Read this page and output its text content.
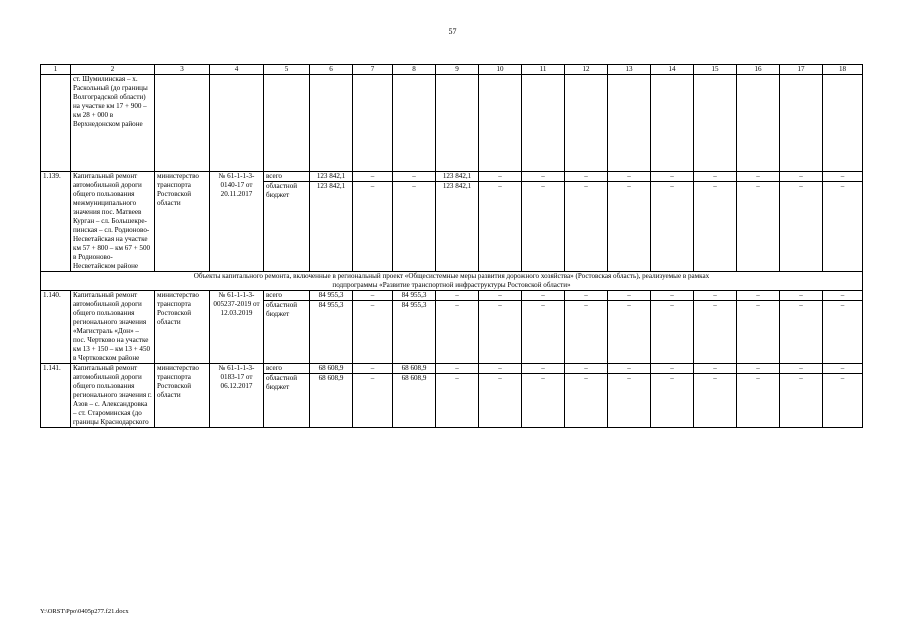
57
1	2	3	4	5	6	7	8	9	10	11	12	13	14	15	16	17	18
	ст. Шумилинская – х. Раскольный (до границы Волгоградской области) на участке км 17 + 900 – км 28 + 000 в Верхнедонском районе																
1.139.	Капитальный ремонт автомобильной дороги общего пользования межмуниципального значения пос. Матвеев Курган – сл. Большекре-пинская – сл. Родионово-Несветайская на участке км 57 + 800 – км 67 + 500 в Родионово-Несветайском районе	министерство транспорта Ростовской области	№ 61-1-1-3-0140-17 от 20.11.2017	всего	123 842,1	–	–	123 842,1	–	–	–	–	–	–	–	–	–
				областной бюджет	123 842,1	–	–	123 842,1	–	–	–	–	–	–	–	–	–
Объекты капитального ремонта, включенные в региональный проект «Общесистемные меры развития дорожного хозяйства» (Ростовская область), реализуемые в рамках подпрограммы «Развитие транспортной инфраструктуры Ростовской области»																	
1.140.	Капитальный ремонт автомобильной дороги общего пользования регионального значения «Магистраль «Дон» – пос. Чертково на участке км 13 + 150 – км 13 + 450 в Чертковском районе	министерство транспорта Ростовской области	№ 61-1-1-3-005237-2019 от 12.03.2019	всего	84 955,3	–	84 955,3	–	–	–	–	–	–	–	–	–	–
				областной бюджет	84 955,3	–	84 955,3	–	–	–	–	–	–	–	–	–	–
1.141.	Капитальный ремонт автомобильной дороги общего пользования регионального значения г. Азов – с. Александровка – ст. Староминская (до границы Краснодарского	министерство транспорта Ростовской области	№ 61-1-1-3-0183-17 от 06.12.2017	всего	68 608,9	–	68 608,9	–	–	–	–	–	–	–	–	–	–
				областной бюджет	68 608,9	–	68 608,9	–	–	–	–	–	–	–	–	–	–
Y:\ORST\Ppo\0405p277.f21.docx
